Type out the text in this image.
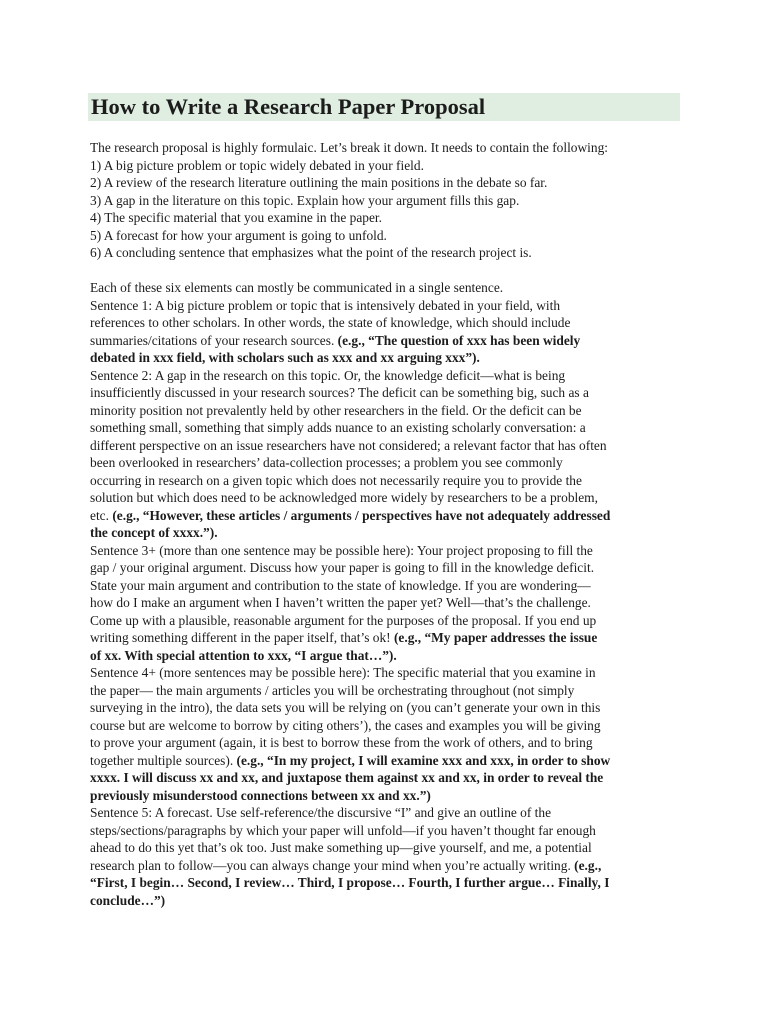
How to Write a Research Paper Proposal
The research proposal is highly formulaic. Let’s break it down. It needs to contain the following:
1) A big picture problem or topic widely debated in your field.
2) A review of the research literature outlining the main positions in the debate so far.
3) A gap in the literature on this topic. Explain how your argument fills this gap.
4) The specific material that you examine in the paper.
5) A forecast for how your argument is going to unfold.
6) A concluding sentence that emphasizes what the point of the research project is.
Each of these six elements can mostly be communicated in a single sentence.
Sentence 1: A big picture problem or topic that is intensively debated in your field, with
references to other scholars. In other words, the state of knowledge, which should include
summaries/citations of your research sources. (e.g., “The question of xxx has been widely
debated in xxx field, with scholars such as xxx and xx arguing xxx”).
Sentence 2: A gap in the research on this topic. Or, the knowledge deficit—what is being
insufficiently discussed in your research sources? The deficit can be something big, such as a
minority position not prevalently held by other researchers in the field. Or the deficit can be
something small, something that simply adds nuance to an existing scholarly conversation: a
different perspective on an issue researchers have not considered; a relevant factor that has often
been overlooked in researchers’ data-collection processes; a problem you see commonly
occurring in research on a given topic which does not necessarily require you to provide the
solution but which does need to be acknowledged more widely by researchers to be a problem,
etc. (e.g., “However, these articles / arguments / perspectives have not adequately addressed
the concept of xxxx.”).
Sentence 3+ (more than one sentence may be possible here): Your project proposing to fill the
gap / your original argument. Discuss how your paper is going to fill in the knowledge deficit.
State your main argument and contribution to the state of knowledge. If you are wondering—
how do I make an argument when I haven’t written the paper yet? Well—that’s the challenge.
Come up with a plausible, reasonable argument for the purposes of the proposal. If you end up
writing something different in the paper itself, that’s ok! (e.g., “My paper addresses the issue
of xx. With special attention to xxx, “I argue that…”).
Sentence 4+ (more sentences may be possible here): The specific material that you examine in
the paper— the main arguments / articles you will be orchestrating throughout (not simply
surveying in the intro), the data sets you will be relying on (you can’t generate your own in this
course but are welcome to borrow by citing others’), the cases and examples you will be giving
to prove your argument (again, it is best to borrow these from the work of others, and to bring
together multiple sources). (e.g., “In my project, I will examine xxx and xxx, in order to show
xxxx. I will discuss xx and xx, and juxtapose them against xx and xx, in order to reveal the
previously misunderstood connections between xx and xx.”)
Sentence 5: A forecast. Use self-reference/the discursive “I” and give an outline of the
steps/sections/paragraphs by which your paper will unfold—if you haven’t thought far enough
ahead to do this yet that’s ok too. Just make something up—give yourself, and me, a potential
research plan to follow—you can always change your mind when you’re actually writing. (e.g.,
“First, I begin… Second, I review… Third, I propose… Fourth, I further argue… Finally, I
conclude…”)
